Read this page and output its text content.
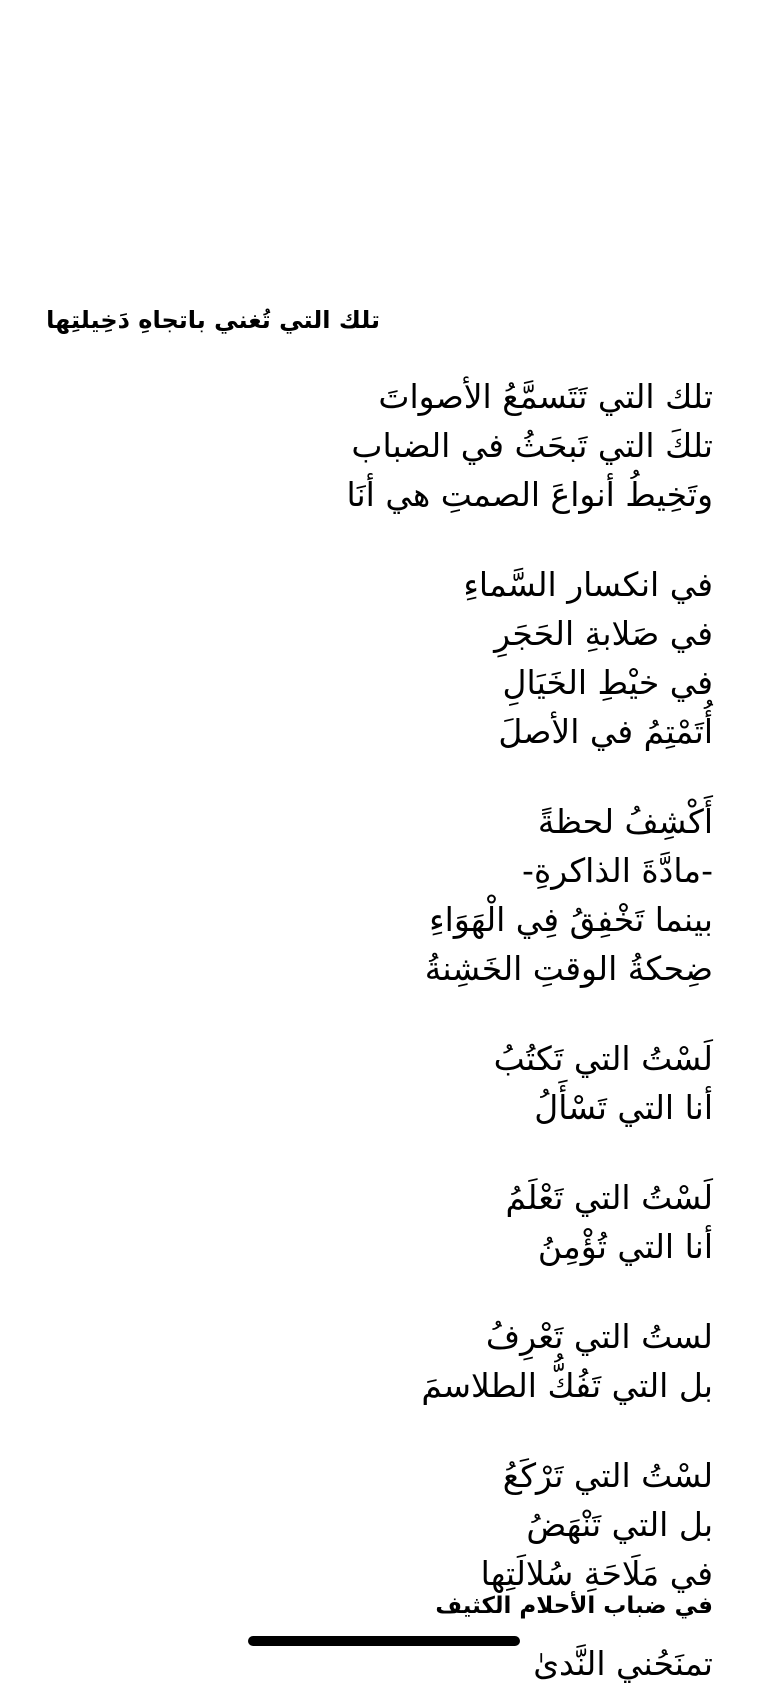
تلك التي تُغني باتجاهِ دَخِيلتِها
تلك التي تَتَسمَّعُ الأصواتَ
تلكَ التي تَبحَثُ في الضباب
وتَخِيطُ أنواعَ الصمتِ هي أنَا
في انكسار السَّماءِ
في صَلابةِ الحَجَرِ
في خيْطِ الخَيَالِ
أُتَمْتِمُ في الأصلَ
أَكْشِفُ لحظةً
-مادَّةَ الذاكرةِ-
بينما تَخْفِقُ فِي الْهَوَاءِ
ضِحكةُ الوقتِ الخَشِنةُ
لَسْتُ التي تَكتُبُ
أنا التي تَسْأَلُ
لَسْتُ التي تَعْلَمُ
أنا التي تُؤْمِنُ
لستُ التي تَعْرِفُ
بل التي تَفُكُّ الطلاسمَ
لسْتُ التي تَرْكَعُ
بل التي تَنْهَضُ
في مَلَاحَةِ سُلالَتِها
في ضباب الأحلام الكثيف
تمنَحُني النَّدىٰ
